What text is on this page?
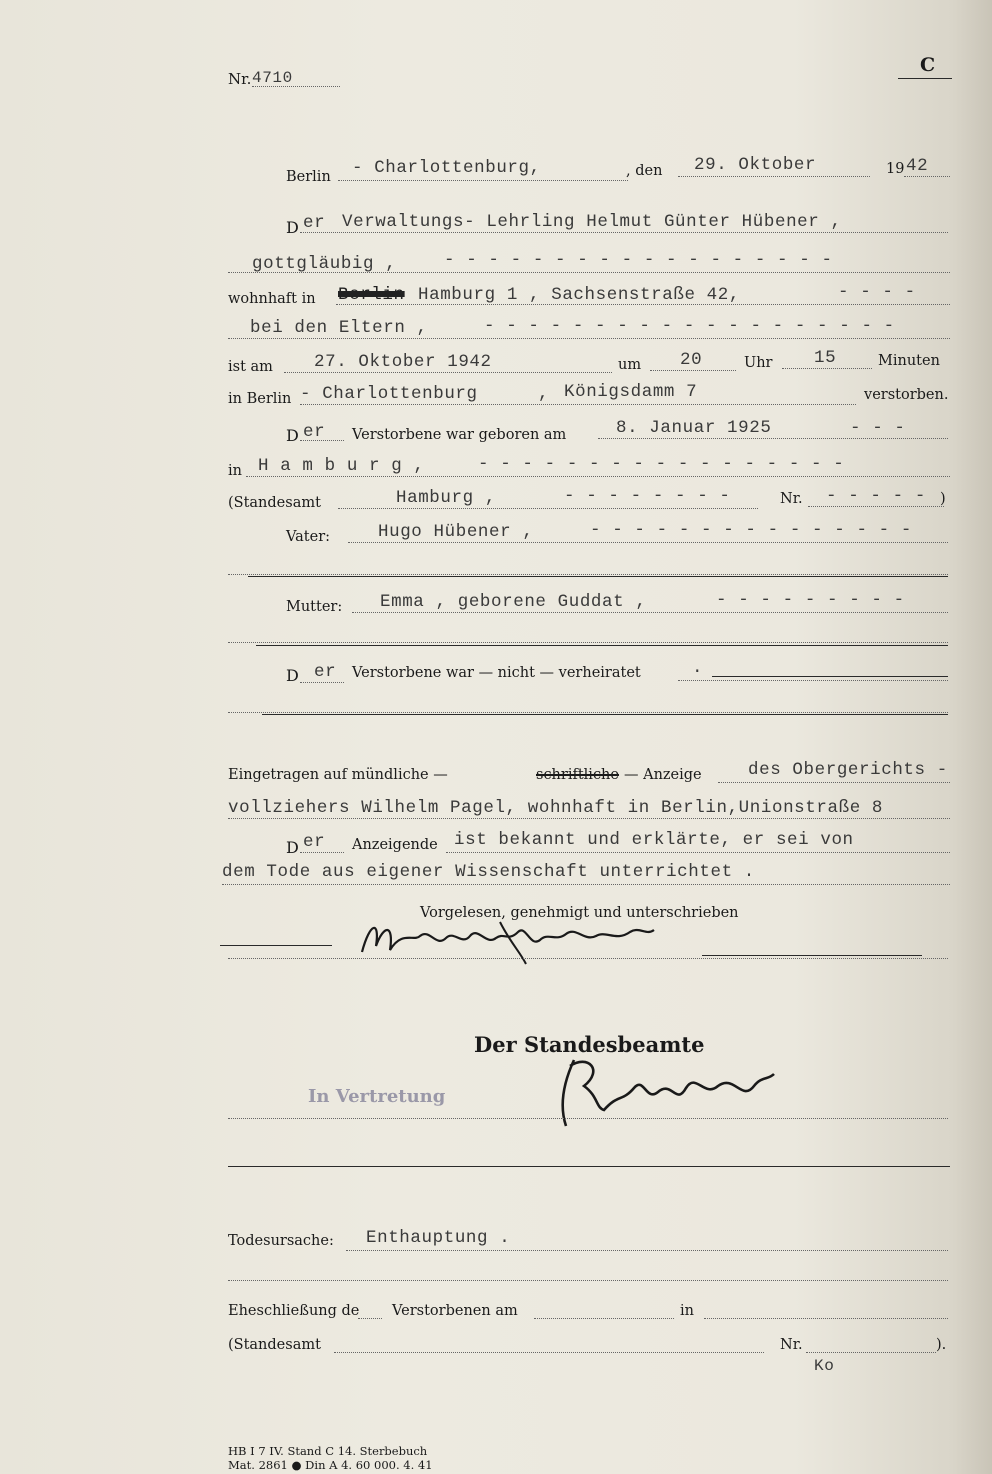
Nr. 4710
C
Berlin - Charlottenburg,	, den 29. Oktober	19 42
D er Verwaltungs- Lehrling Helmut Günter Hübener ,
gottgläubig ,	- - - - - - - - - - - - - - - - - -
wohnhaft in Berlin Hamburg 1 , Sachsenstraße 42,	- - - -
bei den Eltern ,	- - - - - - - - - - - - - - - - - - -
ist am 27. Oktober 1942	um 20	Uhr 15	Minuten
in Berlin - Charlottenburg	, Königsdamm 7	verstorben.
D er Verstorbene war geboren am	8. Januar 1925	- - -
in H a m b u r g ,	- - - - - - - - - - - - - - - - -
(Standesamt	Hamburg ,	- - - - - - - -	Nr. - - - - - )
Vater:	Hugo Hübener ,	- - - - - - - - - - - - - - -
Mutter: Emma , geborene Guddat ,	- - - - - - - - -
D er Verstorbene war — nicht — verheiratet	.
Eingetragen auf mündliche —	schriftliche — Anzeige	des Obergerichts -
vollziehers Wilhelm Pagel, wohnhaft in Berlin,Unionstraße 8
D er Anzeigende ist bekannt und erklärte, er sei von
dem Tode aus eigener Wissenschaft unterrichtet .
Vorgelesen, genehmigt und unterschrieben
Der Standesbeamte
In Vertretung
Todesursache: Enthauptung .
Eheschließung de Verstorbenen am	in
(Standesamt	Nr.	).
Ko
HB I 7 IV. Stand C 14. Sterbebuch
Mat. 2861 ● Din A 4. 60 000. 4. 41
